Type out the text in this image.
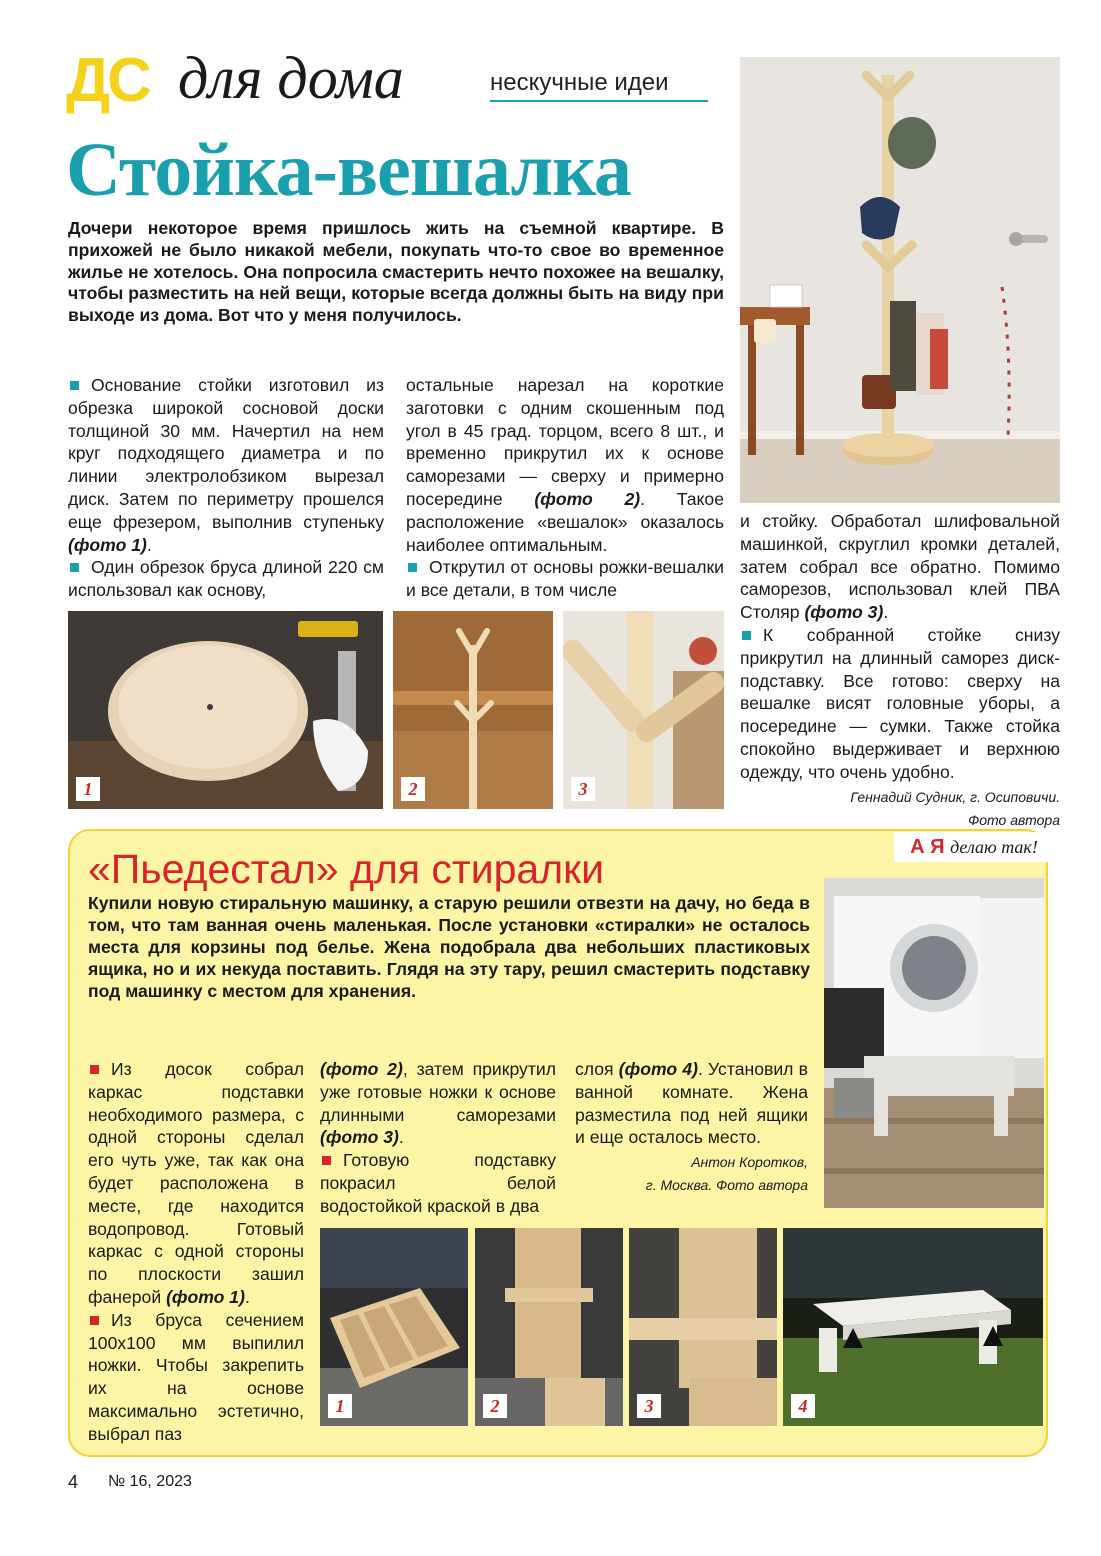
ДС для дома	нескучные идеи
Стойка-вешалка
Дочери некоторое время пришлось жить на съемной квартире. В прихожей не было никакой мебели, покупать что-то свое во временное жилье не хотелось. Она попросила смастерить нечто похожее на вешалку, чтобы разместить на ней вещи, которые всегда должны быть на виду при выходе из дома. Вот что у меня получилось.

Основание стойки изготовил из обрезка широкой сосновой доски толщиной 30 мм. Начертил на нем круг подходящего диаметра и по линии электролобзиком вырезал диск. Затем по периметру прошелся еще фрезером, выполнив ступеньку (фото 1).

Один обрезок бруса длиной 220 см использовал как основу,

остальные нарезал на короткие заготовки с одним скошенным под угол в 45 град. торцом, всего 8 шт., и временно прикрутил их к основе саморезами — сверху и примерно посередине (фото 2). Такое расположение «вешалок» оказалось наиболее оптимальным.

Открутил от основы рожки-вешалки и все детали, в том числе

и стойку. Обработал шлифовальной машинкой, скруглил кромки деталей, затем собрал все обратно. Помимо саморезов, использовал клей ПВА Столяр (фото 3).

К собранной стойке снизу прикрутил на длинный саморез диск-подставку. Все готово: сверху на вешалке висят головные уборы, а посередине — сумки. Также стойка спокойно выдерживает и верхнюю одежду, что очень удобно.

Геннадий Судник, г. Осиповичи.
Фото автора
1	2	3
А Я делаю так!
«Пьедестал» для стиралки
Купили новую стиральную машинку, а старую решили отвезти на дачу, но беда в том, что там ванная очень маленькая. После установки «стиралки» не осталось места для корзины под белье. Жена подобрала два небольших пластиковых ящика, но и их некуда поставить. Глядя на эту тару, решил смастерить подставку под машинку с местом для хранения.

Из досок собрал каркас подставки необходимого размера, с одной стороны сделал его чуть уже, так как она будет расположена в месте, где находится водопровод. Готовый каркас с одной стороны по плоскости зашил фанерой (фото 1).

Из бруса сечением 100х100 мм выпилил ножки. Чтобы закрепить их на основе максимально эстетично, выбрал паз

(фото 2), затем прикрутил уже готовые ножки к основе длинными саморезами (фото 3).

Готовую подставку покрасил белой водостойкой краской в два

слоя (фото 4). Установил в ванной комнате. Жена разместила под ней ящики и еще осталось место.

Антон Коротков,
г. Москва. Фото автора
1	2	3	4
4 № 16, 2023
